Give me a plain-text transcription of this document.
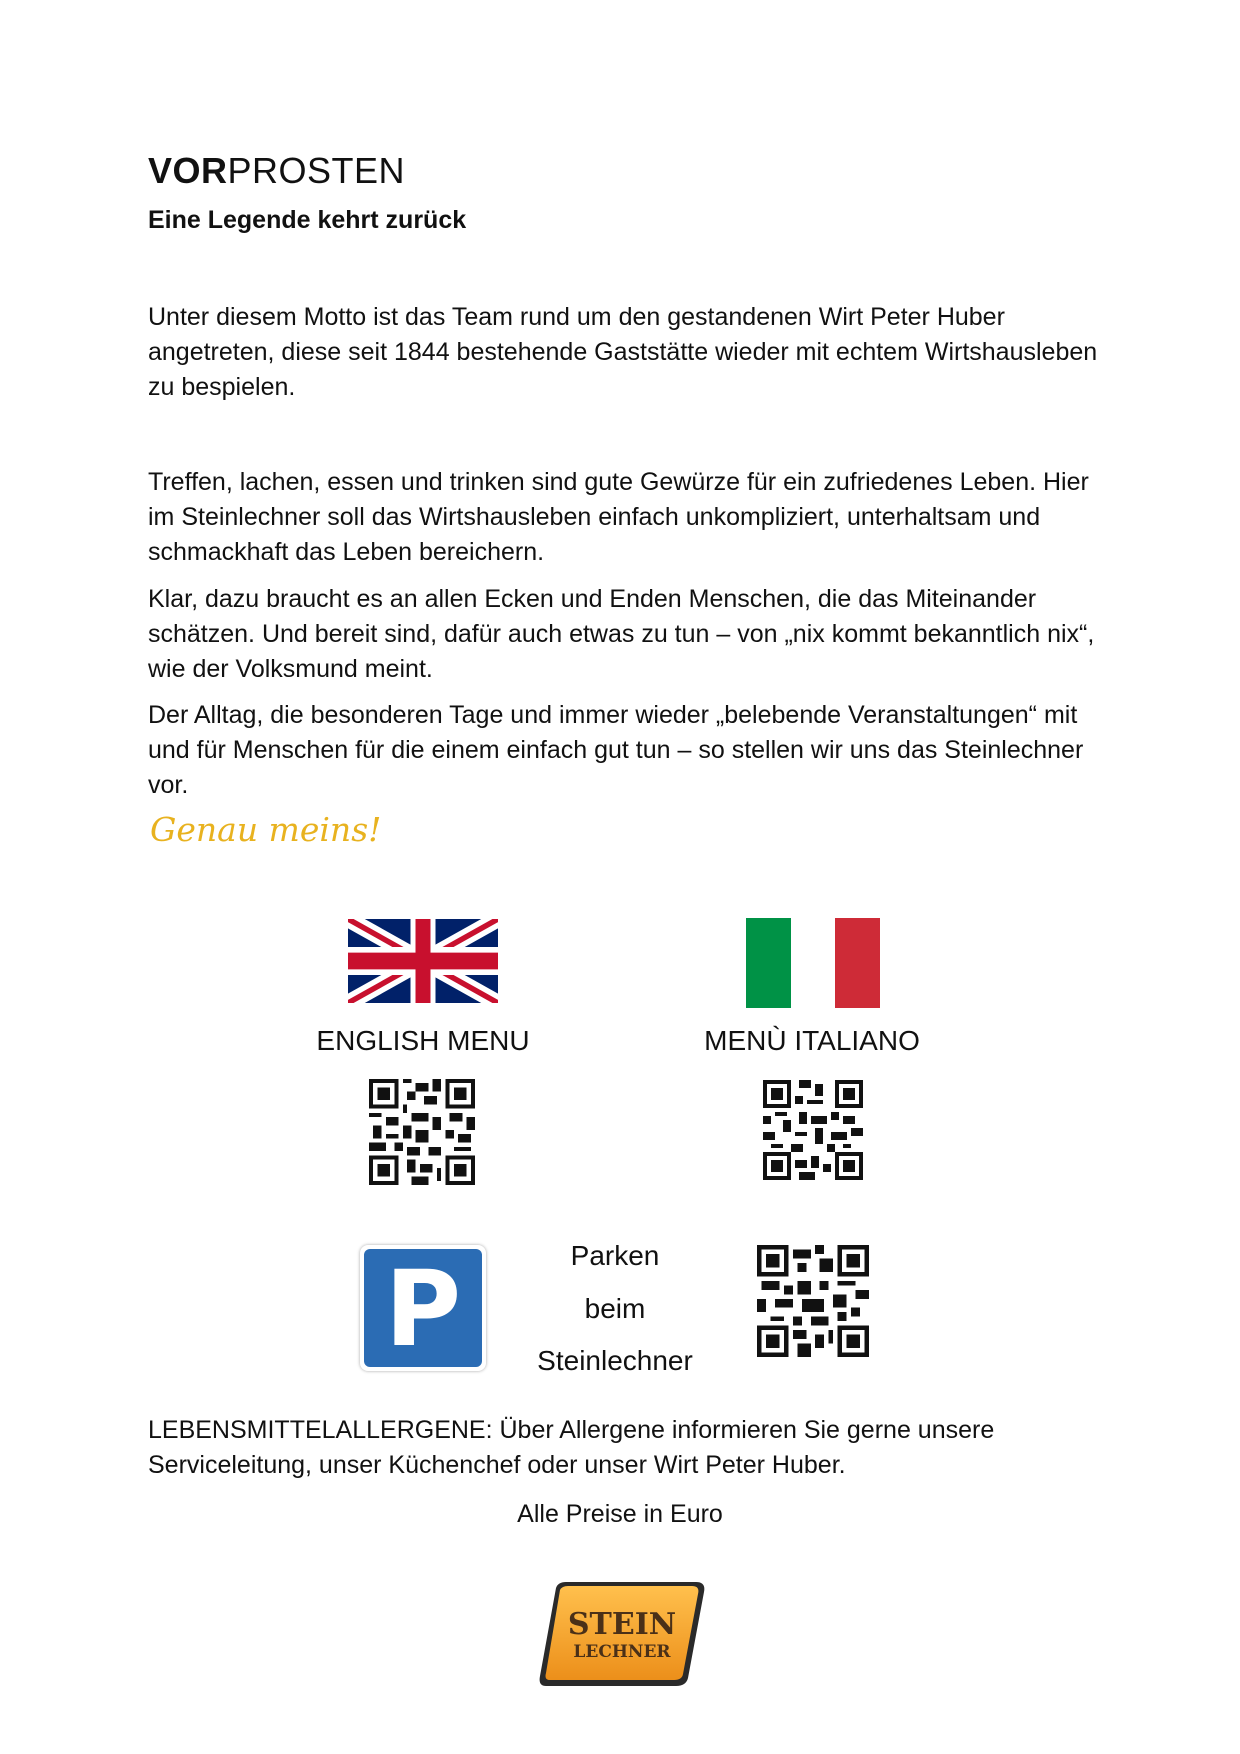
VORPROSTEN
Eine Legende kehrt zurück

Unter diesem Motto ist das Team rund um den gestandenen Wirt Peter Huber angetreten, diese seit 1844 bestehende Gaststätte wieder mit echtem Wirtshausleben zu bespielen.

Treffen, lachen, essen und trinken sind gute Gewürze für ein zufriedenes Leben. Hier im Steinlechner soll das Wirtshausleben einfach unkompliziert, unterhaltsam und schmackhaft das Leben bereichern.

Klar, dazu braucht es an allen Ecken und Enden Menschen, die das Miteinander schätzen. Und bereit sind, dafür auch etwas zu tun – von „nix kommt bekanntlich nix“, wie der Volksmund meint.

Der Alltag, die besonderen Tage und immer wieder „belebende Veranstaltungen“ mit und für Menschen für die einem einfach gut tun – so stellen wir uns das Steinlechner vor.

Genau meins!
ENGLISH MENU	MENÙ ITALIANO
P	Parken
beim
Steinlechner

LEBENSMITTELALLERGENE: Über Allergene informieren Sie gerne unsere Serviceleitung, unser Küchenchef oder unser Wirt Peter Huber.

Alle Preise in Euro
STEIN
LECHNER
